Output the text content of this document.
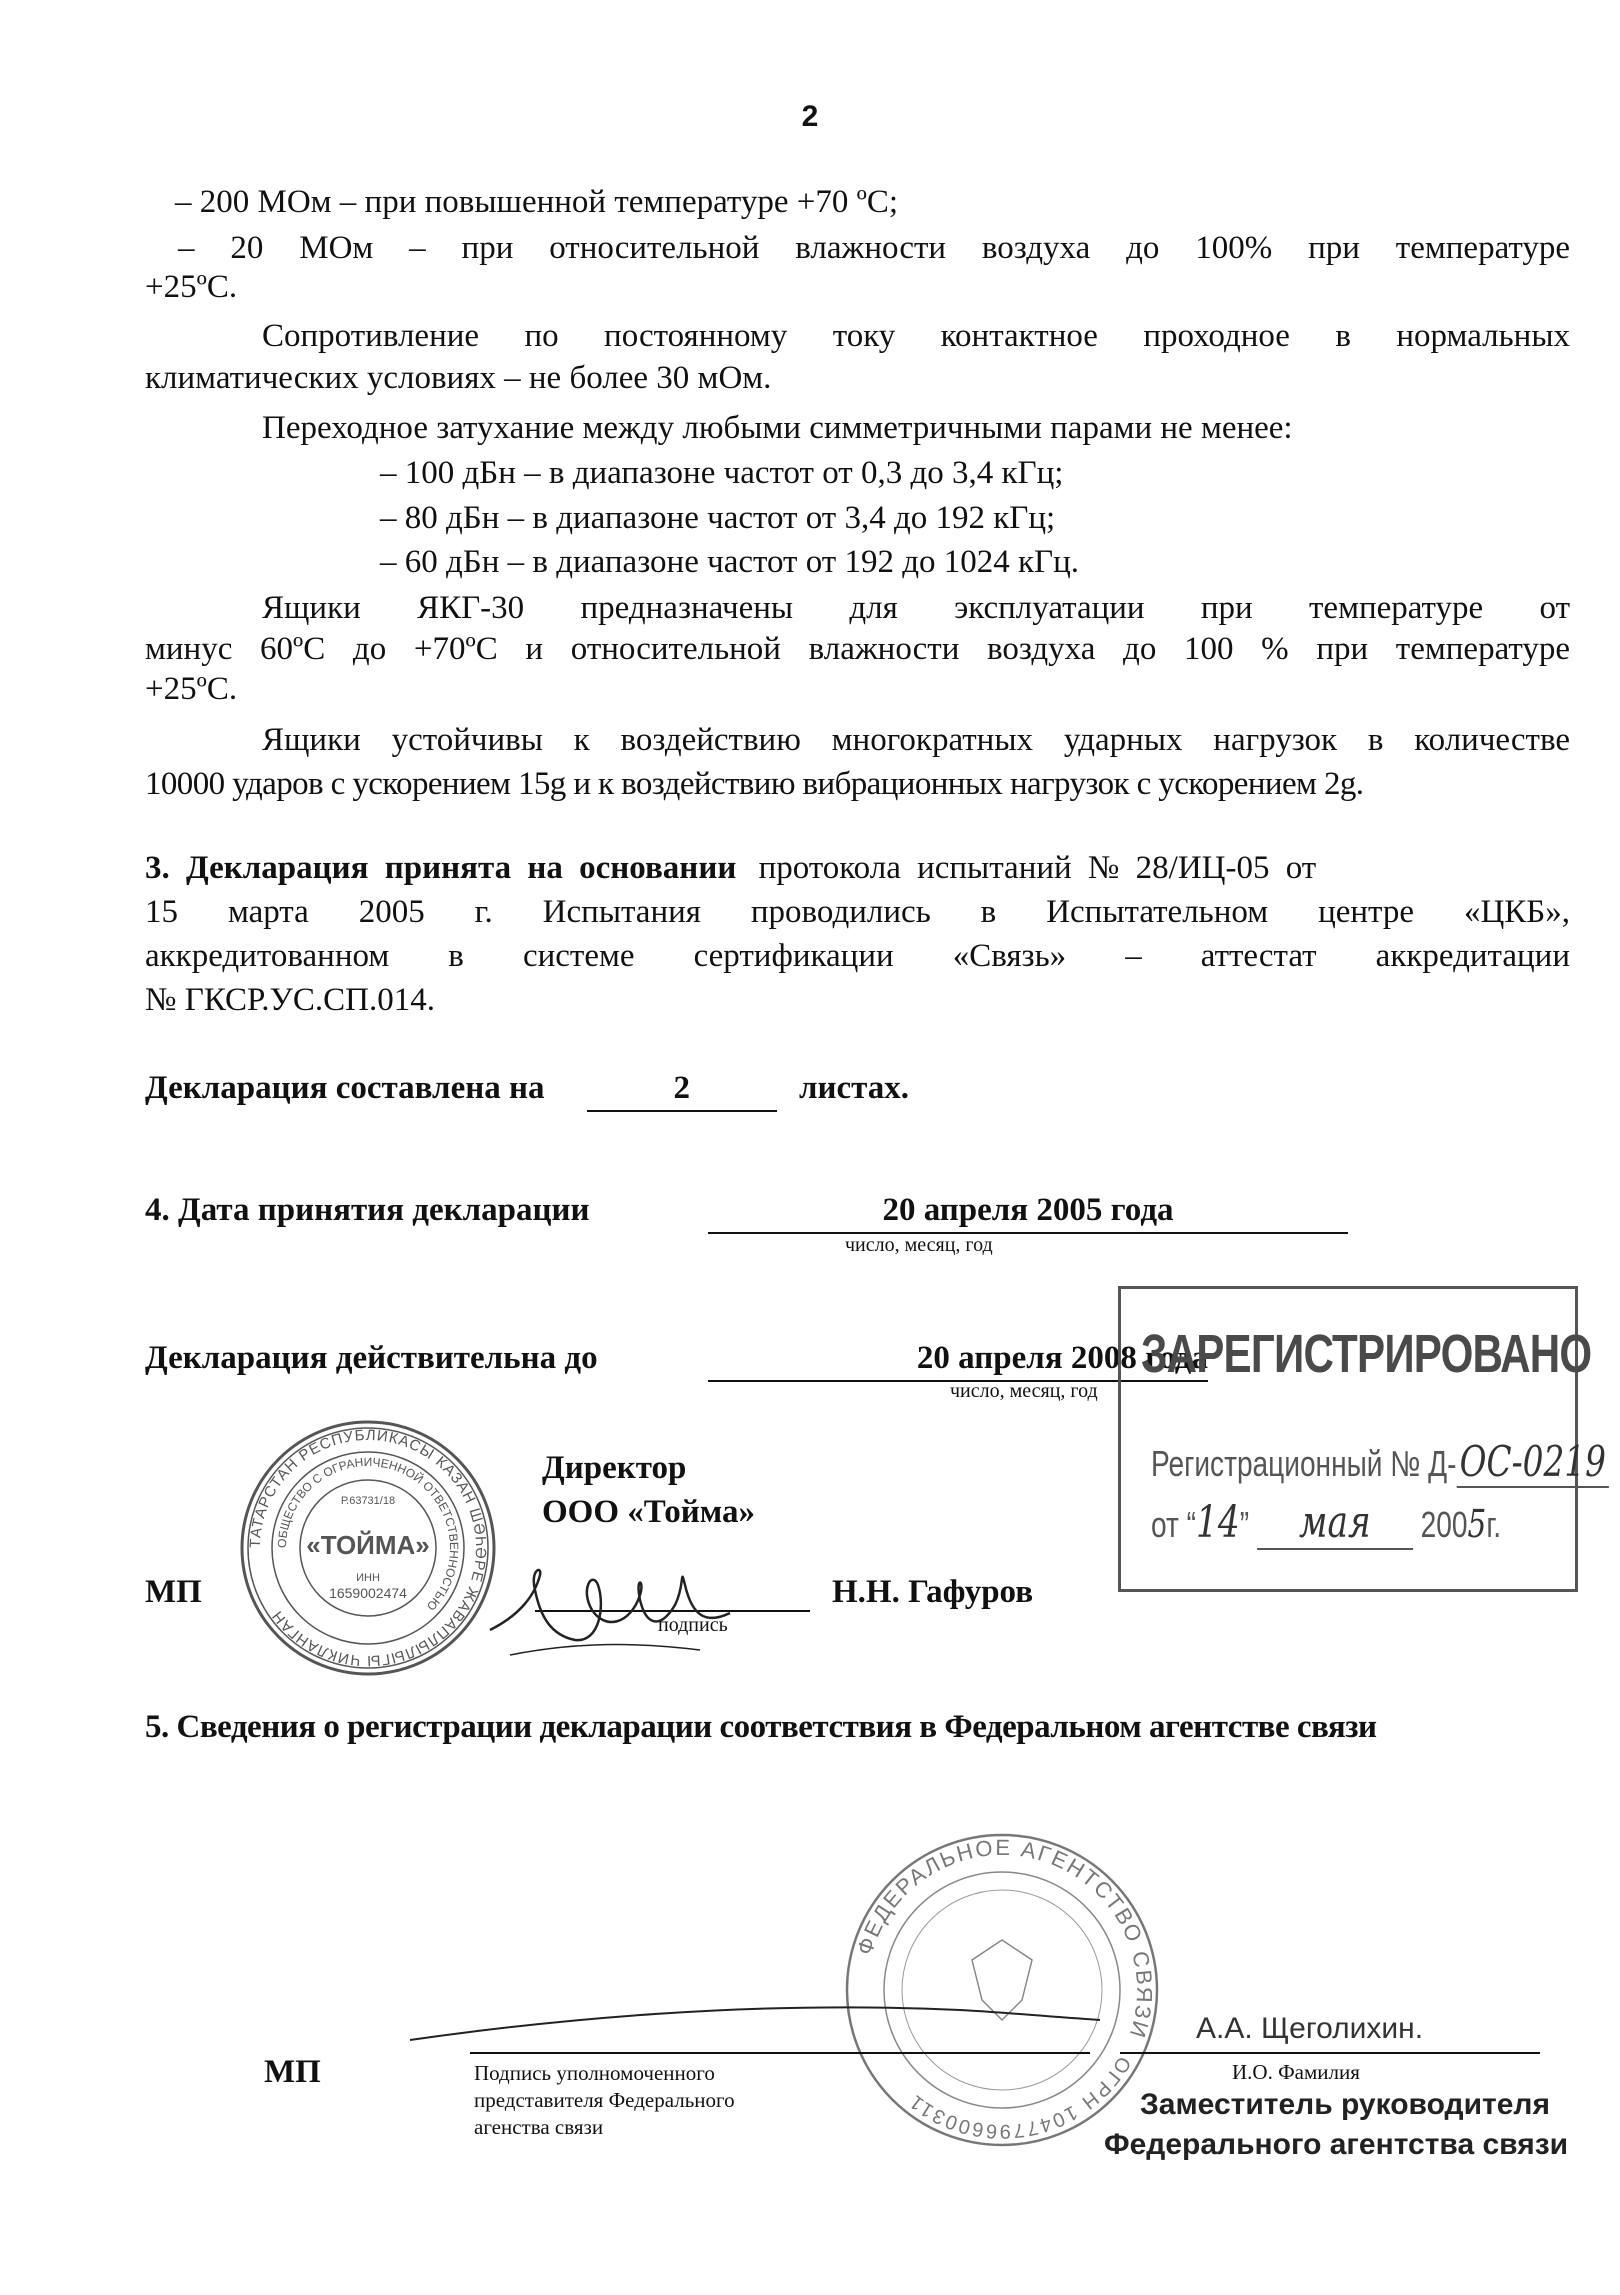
2
– 200 МОм – при повышенной температуре +70 ºС;
– 20 МОм – при относительной влажности воздуха до 100% при температуре
+25ºС.
Сопротивление по постоянному току контактное проходное в нормальных
климатических условиях – не более 30 мОм.
Переходное затухание между любыми симметричными парами не менее:
– 100 дБн – в диапазоне частот от 0,3 до 3,4 кГц;
– 80 дБн – в диапазоне частот от 3,4 до 192 кГц;
– 60 дБн – в диапазоне частот от 192 до 1024 кГц.
Ящики ЯКГ-30 предназначены для эксплуатации при температуре от
минус 60ºС до +70ºС и относительной влажности воздуха до 100 % при температуре
+25ºС.
Ящики устойчивы к воздействию многократных ударных нагрузок в количестве
10000 ударов с ускорением 15g и к воздействию вибрационных нагрузок с ускорением 2g.
3. Декларация принята на основании протокола испытаний № 28/ИЦ-05 от
15 марта 2005 г. Испытания проводились в Испытательном центре «ЦКБ»,
аккредитованном в системе сертификации «Связь» – аттестат аккредитации
№ ГКСР.УС.СП.014.
Декларация составлена на	2	листах.
4. Дата принятия декларации	20 апреля 2005 года
число, месяц, год
Декларация действительна до	20 апреля 2008 года
число, месяц, год
ЗАРЕГИСТРИРОВАНО
Регистрационный № Д-ОС-0219
от “14” мая 2005г.
ТАТАРСТАН РЕСПУБЛИКАСЫ КАЗАН ШӘҺӘРЕ ЖАВАПЛЫЛЫГЫ ЧИКЛАНГАН
ОБЩЕСТВО С ОГРАНИЧЕННОЙ ОТВЕТСТВЕННОСТЬЮ
Р.63731/18
«ТОЙМА»
ИНН
1659002474
Директор
ООО «Тойма»
МП
подпись
Н.Н. Гафуров
5. Сведения о регистрации декларации соответствия в Федеральном агентстве связи
ФЕДЕРАЛЬНОЕ АГЕНТСТВО СВЯЗИ
ОГРН 1047796600311
МП
А.А. Щеголихин.
Подпись уполномоченного
представителя Федерального
агенства связи
И.О. Фамилия
Заместитель руководителя
Федерального агентства связи
